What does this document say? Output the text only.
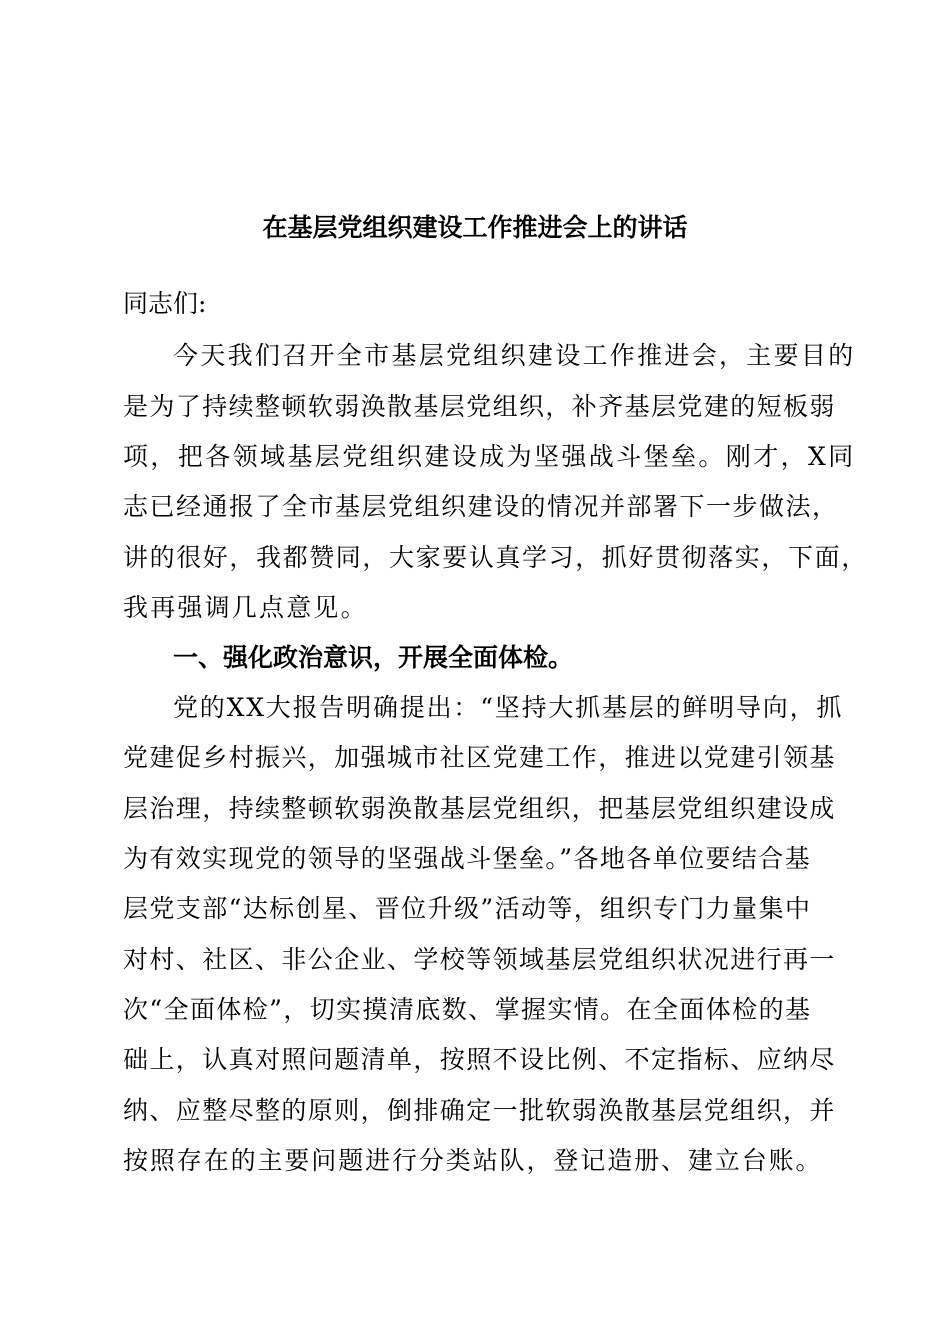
在基层党组织建设工作推进会上的讲话
同志们:
今天我们召开全市基层党组织建设工作推进会，主要目的
是为了持续整顿软弱涣散基层党组织，补齐基层党建的短板弱
项，把各领域基层党组织建设成为坚强战斗堡垒。刚才，X同
志已经通报了全市基层党组织建设的情况并部署下一步做法，
讲的很好，我都赞同，大家要认真学习，抓好贯彻落实，下面，
我再强调几点意见。
一、强化政治意识，开展全面体检。
党的XX大报告明确提出：“坚持大抓基层的鲜明导向，抓
党建促乡村振兴，加强城市社区党建工作，推进以党建引领基
层治理，持续整顿软弱涣散基层党组织，把基层党组织建设成
为有效实现党的领导的坚强战斗堡垒。”各地各单位要结合基
层党支部“达标创星、晋位升级”活动等，组织专门力量集中
对村、社区、非公企业、学校等领域基层党组织状况进行再一
次“全面体检”，切实摸清底数、掌握实情。在全面体检的基
础上，认真对照问题清单，按照不设比例、不定指标、应纳尽
纳、应整尽整的原则，倒排确定一批软弱涣散基层党组织，并
按照存在的主要问题进行分类站队，登记造册、建立台账。
